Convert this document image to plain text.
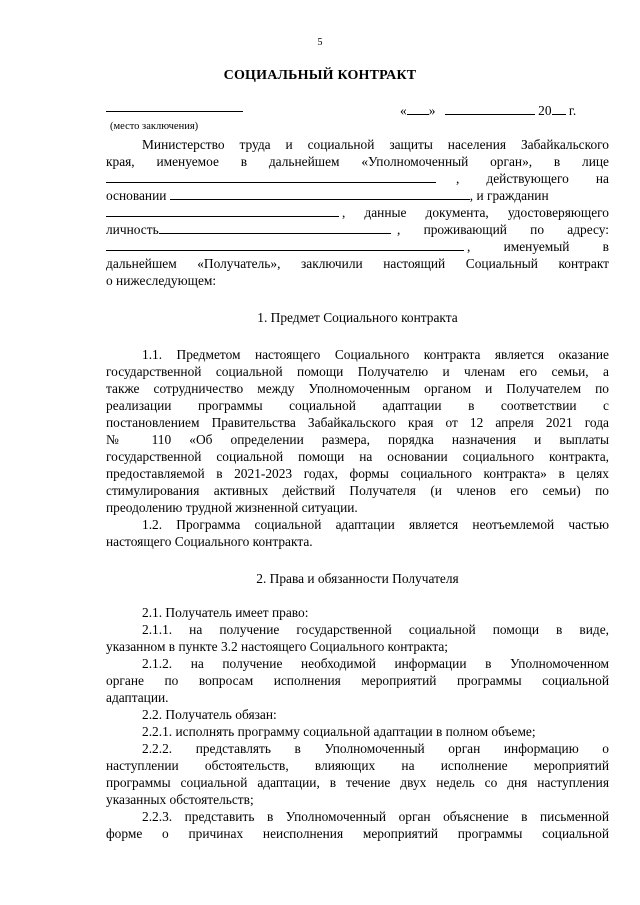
5
СОЦИАЛЬНЫЙ КОНТРАКТ
« »	20 г.
(место заключения)
Министерство труда и социальной защиты населения Забайкальского
края, именуемое в дальнейшем «Уполномоченный орган», в лице
, действующего на
основании	, и гражданин
, данные документа, удостоверяющего
личность	, проживающий по адресу:
, именуемый в
дальнейшем «Получатель», заключили настоящий Социальный контракт
о нижеследующем:
1. Предмет Социального контракта
1.1. Предметом настоящего Социального контракта является оказание
государственной социальной помощи Получателю и членам его семьи, а
также сотрудничество между Уполномоченным органом и Получателем по
реализации программы социальной адаптации в соответствии с
постановлением Правительства Забайкальского края от 12 апреля 2021 года
№ 110 «Об определении размера, порядка назначения и выплаты
государственной социальной помощи на основании социального контракта,
предоставляемой в 2021-2023 годах, формы социального контракта» в целях
стимулирования активных действий Получателя (и членов его семьи) по
преодолению трудной жизненной ситуации.
1.2. Программа социальной адаптации является неотъемлемой частью
настоящего Социального контракта.
2. Права и обязанности Получателя
2.1. Получатель имеет право:
2.1.1. на получение государственной социальной помощи в виде,
указанном в пункте 3.2 настоящего Социального контракта;
2.1.2. на получение необходимой информации в Уполномоченном
органе по вопросам исполнения мероприятий программы социальной
адаптации.
2.2. Получатель обязан:
2.2.1. исполнять программу социальной адаптации в полном объеме;
2.2.2. представлять в Уполномоченный орган информацию о
наступлении обстоятельств, влияющих на исполнение мероприятий
программы социальной адаптации, в течение двух недель со дня наступления
указанных обстоятельств;
2.2.3. представить в Уполномоченный орган объяснение в письменной
форме о причинах неисполнения мероприятий программы социальной
